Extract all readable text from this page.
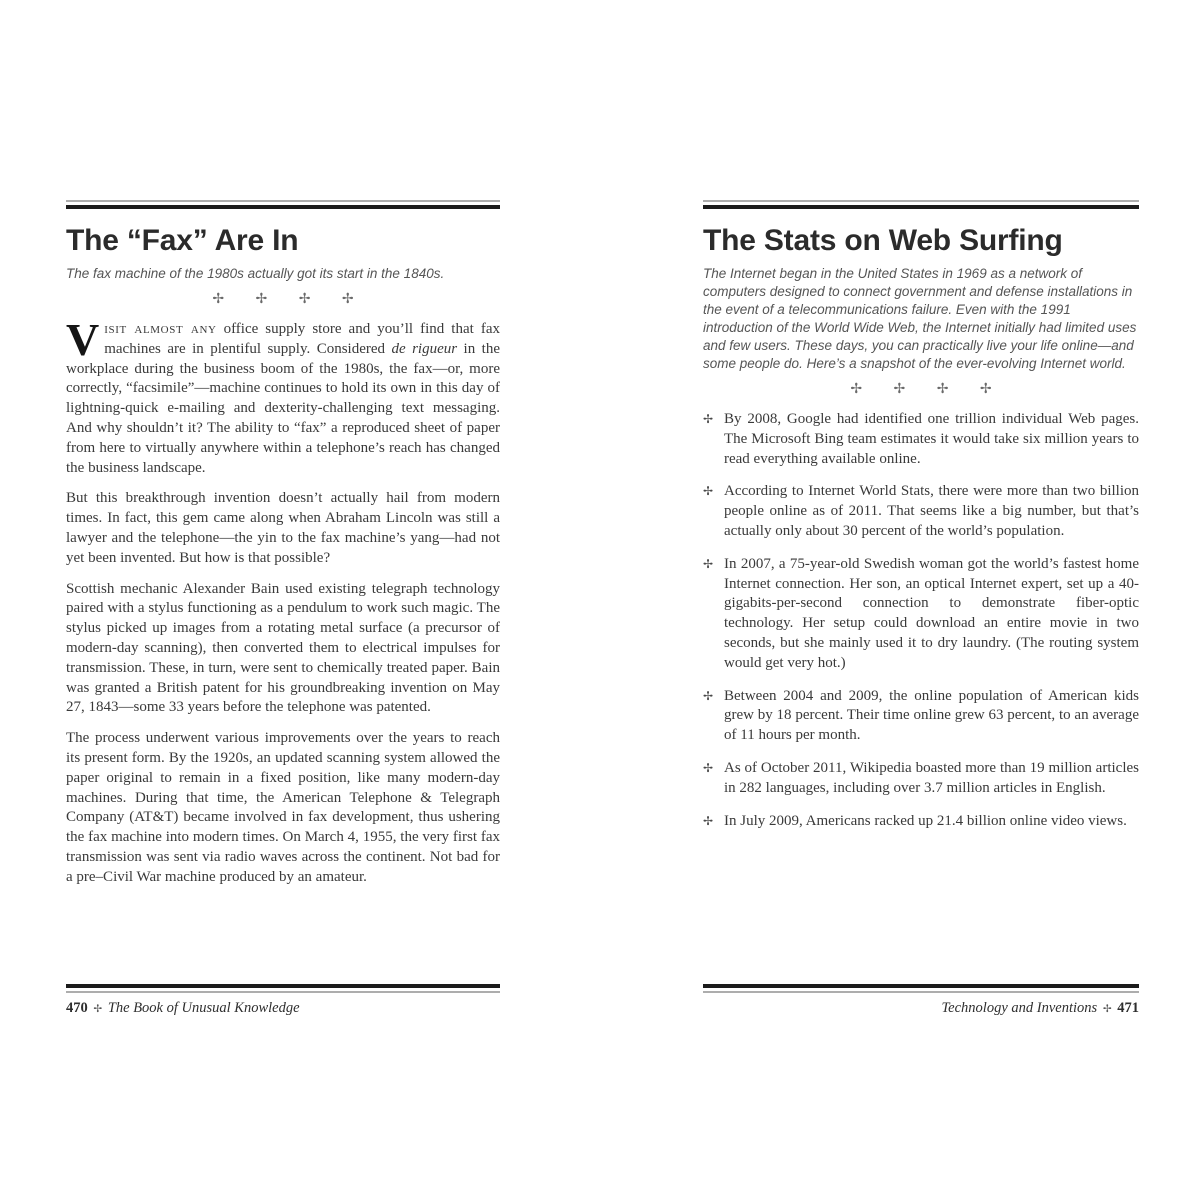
The “Fax” Are In
The fax machine of the 1980s actually got its start in the 1840s.
✢ ✢ ✢ ✢

Visit almost any office supply store and you’ll find that fax machines are in plentiful supply. Considered de rigueur in the workplace during the business boom of the 1980s, the fax—or, more correctly, “facsimile”—machine continues to hold its own in this day of lightning-quick e-mailing and dexterity-challenging text messaging. And why shouldn’t it? The ability to “fax” a reproduced sheet of paper from here to virtually anywhere within a telephone’s reach has changed the business landscape.

But this breakthrough invention doesn’t actually hail from modern times. In fact, this gem came along when Abraham Lincoln was still a lawyer and the telephone—the yin to the fax machine’s yang—had not yet been invented. But how is that possible?

Scottish mechanic Alexander Bain used existing telegraph technology paired with a stylus functioning as a pendulum to work such magic. The stylus picked up images from a rotating metal surface (a precursor of modern-day scanning), then converted them to electrical impulses for transmission. These, in turn, were sent to chemically treated paper. Bain was granted a British patent for his groundbreaking invention on May 27, 1843—some 33 years before the telephone was patented.

The process underwent various improvements over the years to reach its present form. By the 1920s, an updated scanning system allowed the paper original to remain in a fixed position, like many modern-day machines. During that time, the American Telephone & Telegraph Company (AT&T) became involved in fax development, thus ushering the fax machine into modern times. On March 4, 1955, the very first fax transmission was sent via radio waves across the continent. Not bad for a pre–Civil War machine produced by an amateur.

The Stats on Web Surfing
The Internet began in the United States in 1969 as a network of computers designed to connect government and defense installations in the event of a telecommunications failure. Even with the 1991 introduction of the World Wide Web, the Internet initially had limited uses and few users. These days, you can practically live your life online—and some people do. Here’s a snapshot of the ever-evolving Internet world.
✢ ✢ ✢ ✢
✢ By 2008, Google had identified one trillion individual Web pages. The Microsoft Bing team estimates it would take six million years to read everything available online.
✢ According to Internet World Stats, there were more than two billion people online as of 2011. That seems like a big number, but that’s actually only about 30 percent of the world’s population.
✢ In 2007, a 75-year-old Swedish woman got the world’s fastest home Internet connection. Her son, an optical Internet expert, set up a 40-gigabits-per-second connection to demonstrate fiber-optic technology. Her setup could download an entire movie in two seconds, but she mainly used it to dry laundry. (The routing system would get very hot.)
✢ Between 2004 and 2009, the online population of American kids grew by 18 percent. Their time online grew 63 percent, to an average of 11 hours per month.
✢ As of October 2011, Wikipedia boasted more than 19 million articles in 282 languages, including over 3.7 million articles in English.
✢ In July 2009, Americans racked up 21.4 billion online video views.
470 ✢ The Book of Unusual Knowledge	Technology and Inventions ✢ 471
